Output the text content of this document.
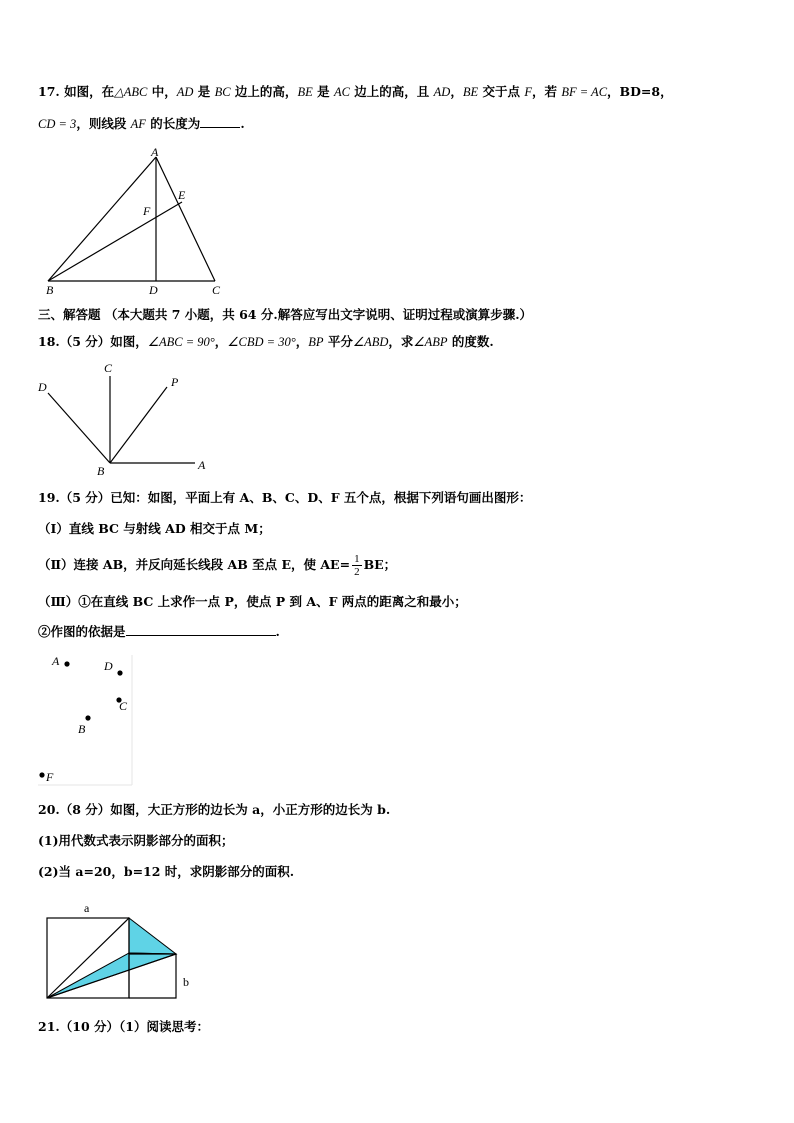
17. 如图，在△ABC 中，AD 是 BC 边上的高，BE 是 AC 边上的高，且 AD，BE 交于点 F，若 BF = AC，BD=8，
CD = 3，则线段 AF 的长度为	.
A
B	C
D
E
F
三、解答题 （本大题共 7 小题，共 64 分.解答应写出文字说明、证明过程或演算步骤.）
18.（5 分）如图，∠ABC = 90°，∠CBD = 30°，BP 平分∠ABD，求∠ABP 的度数.
C
D	P
A
B
19.（5 分）已知：如图，平面上有 A、B、C、D、F 五个点，根据下列语句画出图形：
（Ⅰ）直线 BC 与射线 AD 相交于点 M；
（Ⅱ）连接 AB，并反向延长线段 AB 至点 E，使 $AE= \frac{1}{2}$ BE；
（Ⅲ）①在直线 BC 上求作一点 P，使点 P 到 A、F 两点的距离之和最小；
②作图的依据是	.
A	D
C
B
F
20.（8 分）如图，大正方形的边长为 a，小正方形的边长为 b.
(1)用代数式表示阴影部分的面积；
(2)当 a=20，b=12 时，求阴影部分的面积.
a
b
21.（10 分）（1）阅读思考：
